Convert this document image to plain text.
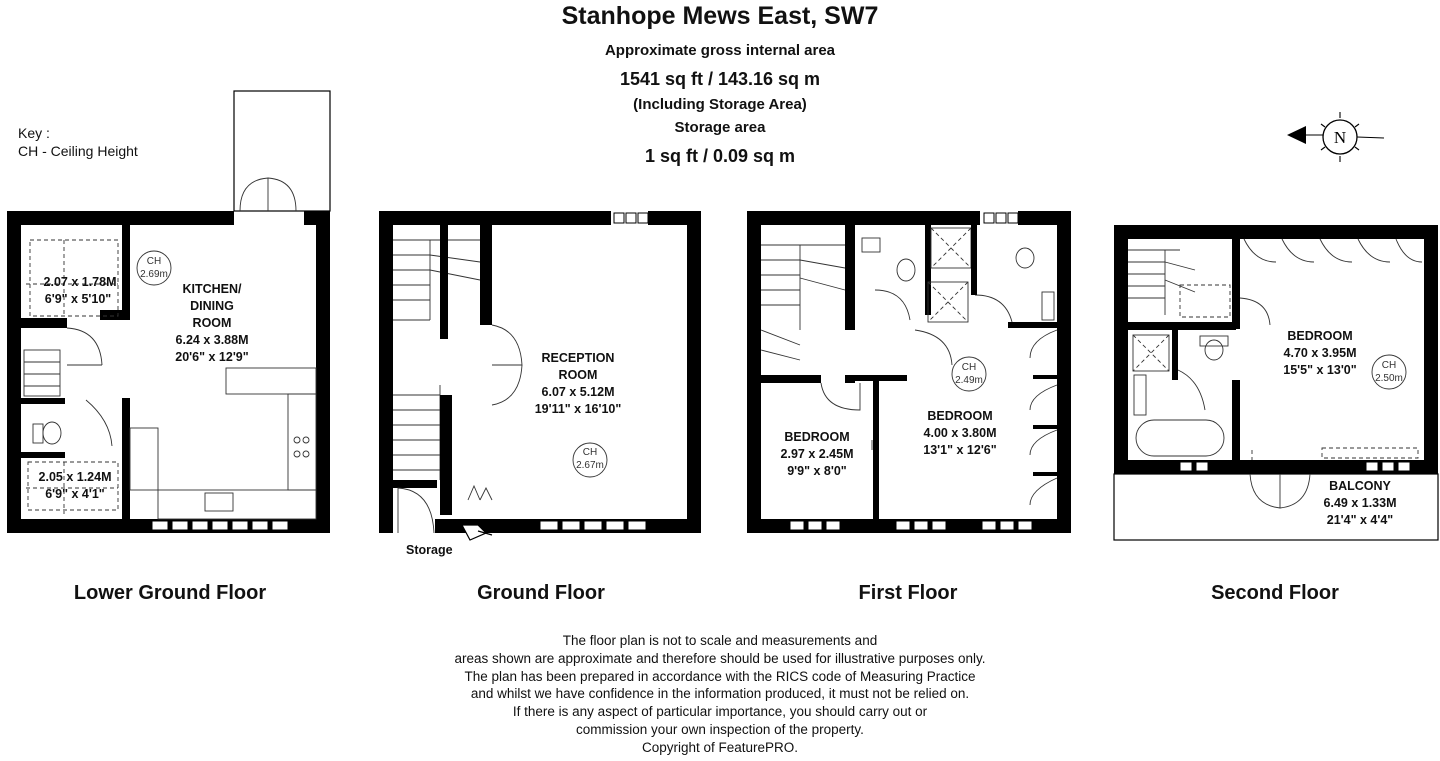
Stanhope Mews East, SW7
Approximate gross internal area
1541 sq ft / 143.16 sq m
(Including Storage Area)
Storage area
1 sq ft / 0.09 sq m
Key :
CH - Ceiling Height
N
2.07 x 1.78M
6'9" x 5'10"
2.05 x 1.24M
6'9" x 4'1"
KITCHEN/
DINING
ROOM
6.24 x 3.88M
20'6" x 12'9"
CH
2.69m
RECEPTION
ROOM
6.07 x 5.12M
19'11" x 16'10"
CH
2.67m
BEDROOM
2.97 x 2.45M
9'9" x 8'0"
BEDROOM
4.00 x 3.80M
13'1" x 12'6"
CH
2.49m
BEDROOM
4.70 x 3.95M
15'5" x 13'0"
BALCONY
6.49 x 1.33M
21'4" x 4'4"
CH
2.50m
Storage
Lower Ground Floor	Ground Floor	First Floor	Second Floor
The floor plan is not to scale and measurements and
areas shown are approximate and therefore should be used for illustrative purposes only.
The plan has been prepared in accordance with the RICS code of Measuring Practice
and whilst we have confidence in the information produced, it must not be relied on.
If there is any aspect of particular importance, you should carry out or
commission your own inspection of the property.
Copyright of FeaturePRO.
